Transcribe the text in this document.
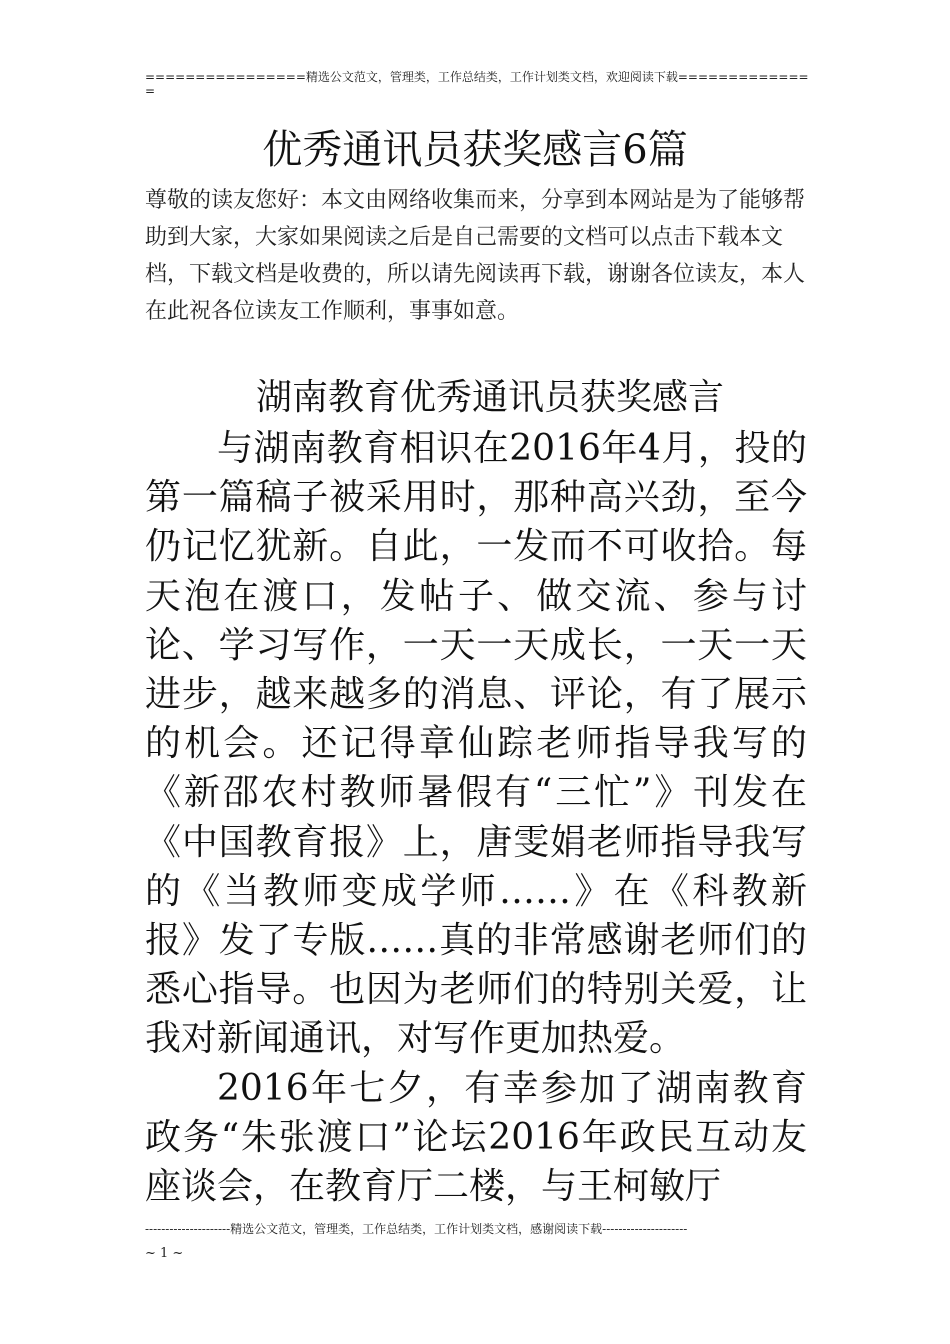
================精选公文范文，管理类，工作总结类，工作计划类文档，欢迎阅读下载==============
优秀通讯员获奖感言6篇
尊敬的读友您好：本文由网络收集而来，分享到本网站是为了能够帮助到大家，大家如果阅读之后是自己需要的文档可以点击下载本文档，下载文档是收费的，所以请先阅读再下载，谢谢各位读友，本人在此祝各位读友工作顺利，事事如意。
湖南教育优秀通讯员获奖感言

与湖南教育相识在2016年4月，投的第一篇稿子被采用时，那种高兴劲，至今仍记忆犹新。自此，一发而不可收拾。每天泡在渡口，发帖子、做交流、参与讨论、学习写作，一天一天成长，一天一天进步，越来越多的消息、评论，有了展示的机会。还记得章仙踪老师指导我写的《新邵农村教师暑假有“三忙”》刊发在《中国教育报》上，唐雯娟老师指导我写的《当教师变成学师……》在《科教新报》发了专版……真的非常感谢老师们的悉心指导。也因为老师们的特别关爱，让我对新闻通讯，对写作更加热爱。

2016年七夕，有幸参加了湖南教育政务“朱张渡口”论坛2016年政民互动友座谈会，在教育厅二楼，与王柯敏厅

---------------------精选公文范文，管理类，工作总结类，工作计划类文档，感谢阅读下载---------------------
~ 1 ~
